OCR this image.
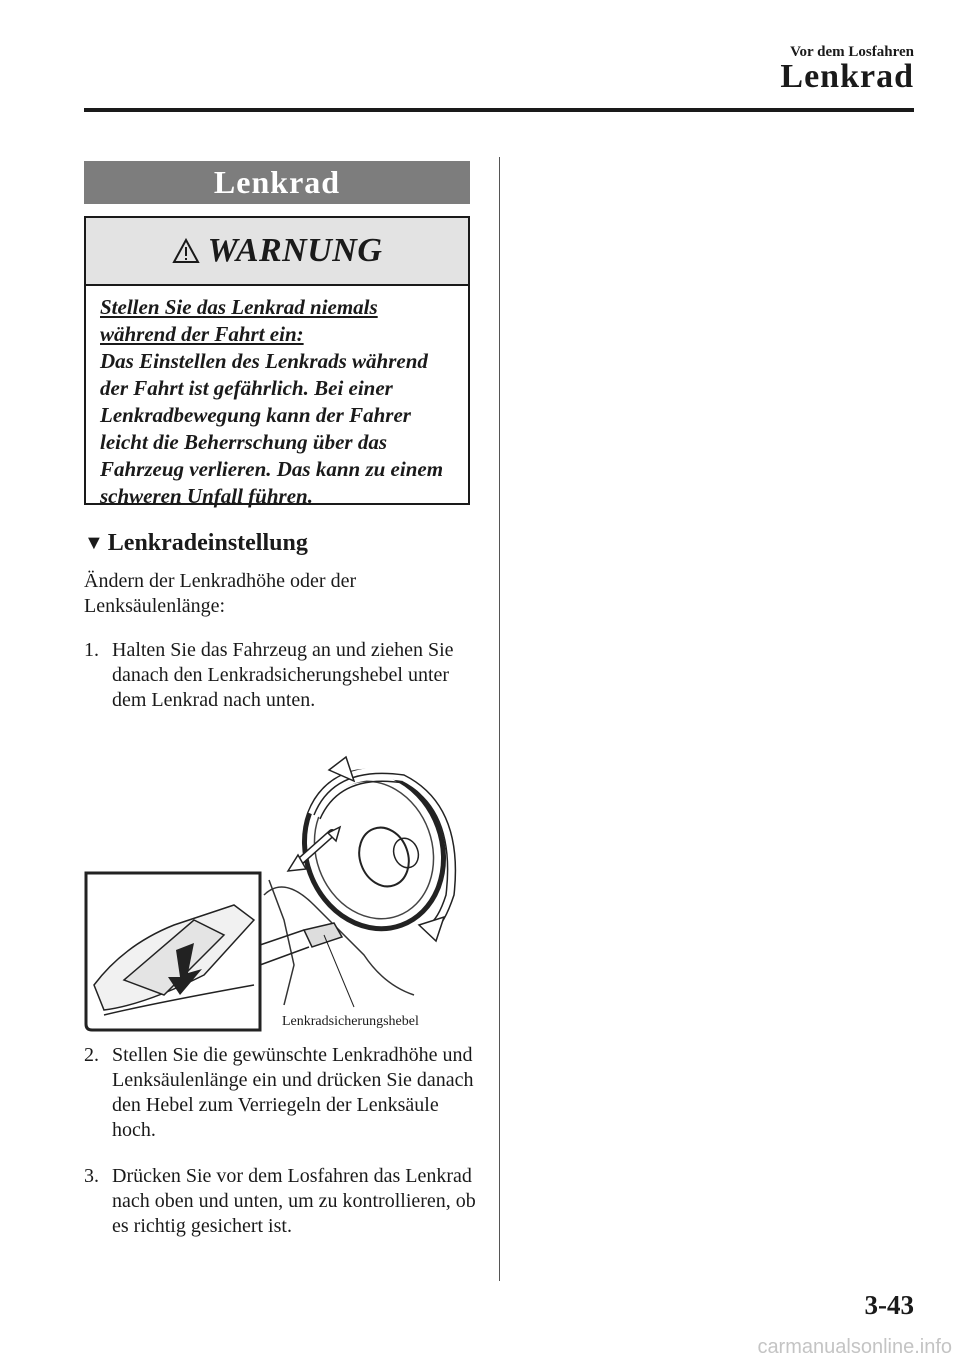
Vor dem Losfahren
Lenkrad
Lenkrad
WARNUNG
Stellen Sie das Lenkrad niemals während der Fahrt ein:
Das Einstellen des Lenkrads während der Fahrt ist gefährlich. Bei einer Lenkradbewegung kann der Fahrer leicht die Beherrschung über das Fahrzeug verlieren. Das kann zu einem schweren Unfall führen.
▼ Lenkradeinstellung
Ändern der Lenkradhöhe oder der Lenksäulenlänge:
1. Halten Sie das Fahrzeug an und ziehen Sie danach den Lenkradsicherungshebel unter dem Lenkrad nach unten.
Lenkradsicherungshebel
2. Stellen Sie die gewünschte Lenkradhöhe und Lenksäulenlänge ein und drücken Sie danach den Hebel zum Verriegeln der Lenksäule hoch.
3. Drücken Sie vor dem Losfahren das Lenkrad nach oben und unten, um zu kontrollieren, ob es richtig gesichert ist.
3-43
carmanualsonline.info
